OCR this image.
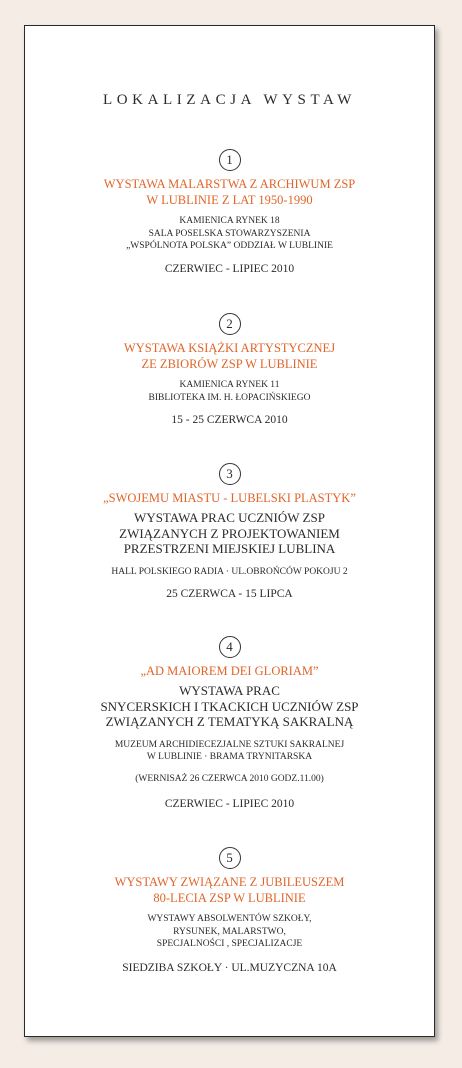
LOKALIZACJA WYSTAW
1
WYSTAWA MALARSTWA Z ARCHIWUM ZSP
W LUBLINIE Z LAT 1950-1990
KAMIENICA RYNEK 18
SALA POSELSKA STOWARZYSZENIA
„WSPÓLNOTA POLSKA” ODDZIAŁ W LUBLINIE
CZERWIEC - LIPIEC 2010
2
WYSTAWA KSIĄŻKI ARTYSTYCZNEJ
ZE ZBIORÓW ZSP W LUBLINIE
KAMIENICA RYNEK 11
BIBLIOTEKA IM. H. ŁOPACIŃSKIEGO
15 - 25 CZERWCA 2010
3
„SWOJEMU MIASTU - LUBELSKI PLASTYK”
WYSTAWA PRAC UCZNIÓW ZSP
ZWIĄZANYCH Z PROJEKTOWANIEM
PRZESTRZENI MIEJSKIEJ LUBLINA
HALL POLSKIEGO RADIA · UL.OBROŃCÓW POKOJU 2
25 CZERWCA - 15 LIPCA
4
„AD MAIOREM DEI GLORIAM”
WYSTAWA PRAC
SNYCERSKICH I TKACKICH UCZNIÓW ZSP
ZWIĄZANYCH Z TEMATYKĄ SAKRALNĄ
MUZEUM ARCHIDIECEZJALNE SZTUKI SAKRALNEJ
W LUBLINIE · BRAMA TRYNITARSKA
(WERNISAŻ 26 CZERWCA 2010 GODZ.11.00)
CZERWIEC - LIPIEC 2010
5
WYSTAWY ZWIĄZANE Z JUBILEUSZEM
80-LECIA ZSP W LUBLINIE
WYSTAWY ABSOLWENTÓW SZKOŁY,
RYSUNEK, MALARSTWO,
SPECJALNOŚCI , SPECJALIZACJE
SIEDZIBA SZKOŁY · UL.MUZYCZNA 10A
